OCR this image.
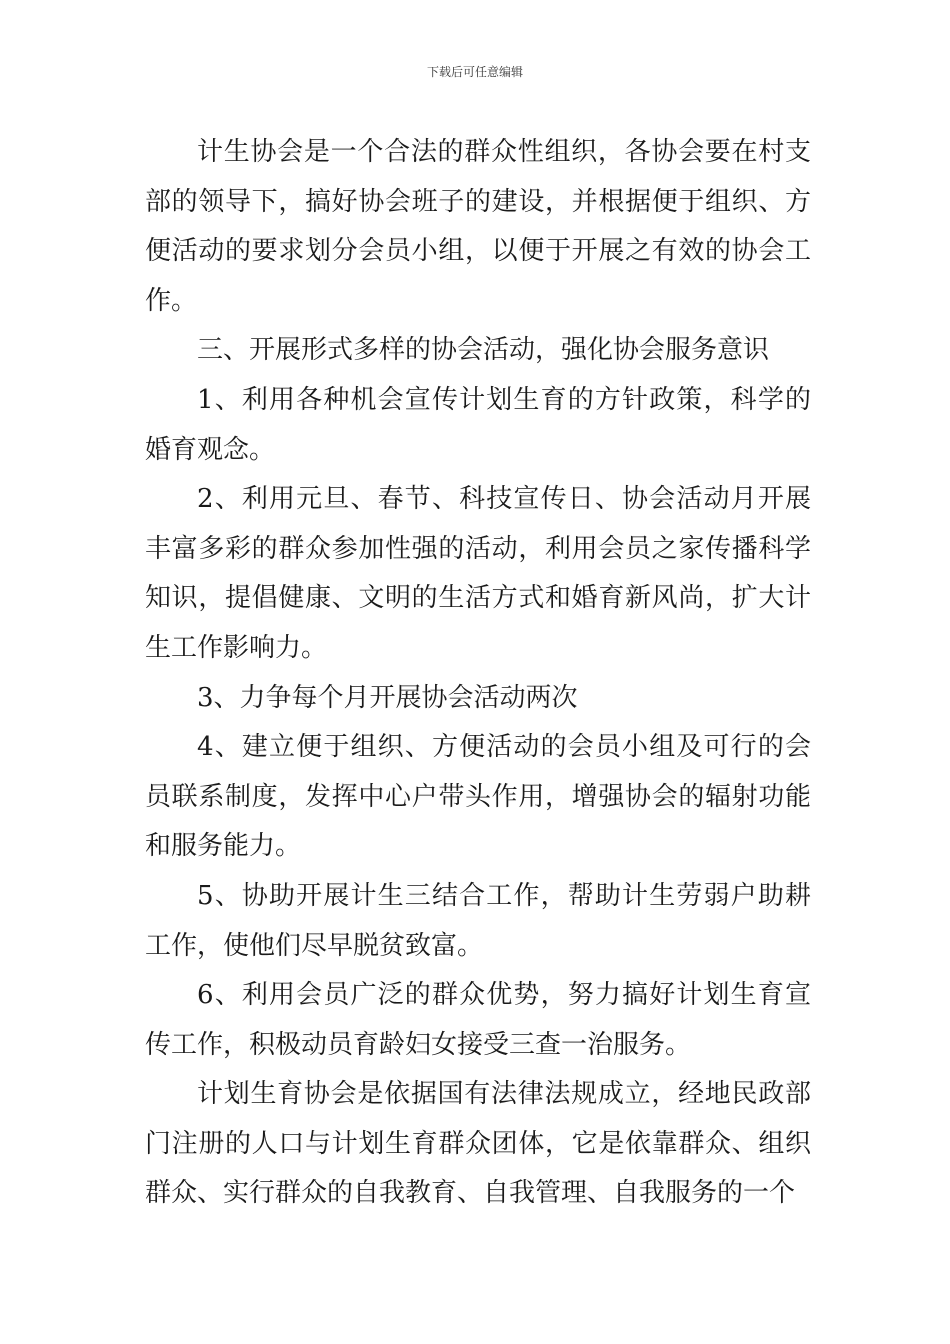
下载后可任意编辑

计生协会是一个合法的群众性组织，各协会要在村支部的领导下，搞好协会班子的建设，并根据便于组织、方便活动的要求划分会员小组，以便于开展之有效的协会工作。

三、开展形式多样的协会活动，强化协会服务意识

1、利用各种机会宣传计划生育的方针政策，科学的婚育观念。

2、利用元旦、春节、科技宣传日、协会活动月开展丰富多彩的群众参加性强的活动，利用会员之家传播科学知识，提倡健康、文明的生活方式和婚育新风尚，扩大计生工作影响力。

3、力争每个月开展协会活动两次

4、建立便于组织、方便活动的会员小组及可行的会员联系制度，发挥中心户带头作用，增强协会的辐射功能和服务能力。

5、协助开展计生三结合工作，帮助计生劳弱户助耕工作，使他们尽早脱贫致富。

6、利用会员广泛的群众优势，努力搞好计划生育宣传工作，积极动员育龄妇女接受三查一治服务。

计划生育协会是依据国有法律法规成立，经地民政部门注册的人口与计划生育群众团体，它是依靠群众、组织群众、实行群众的自我教育、自我管理、自我服务的一个
